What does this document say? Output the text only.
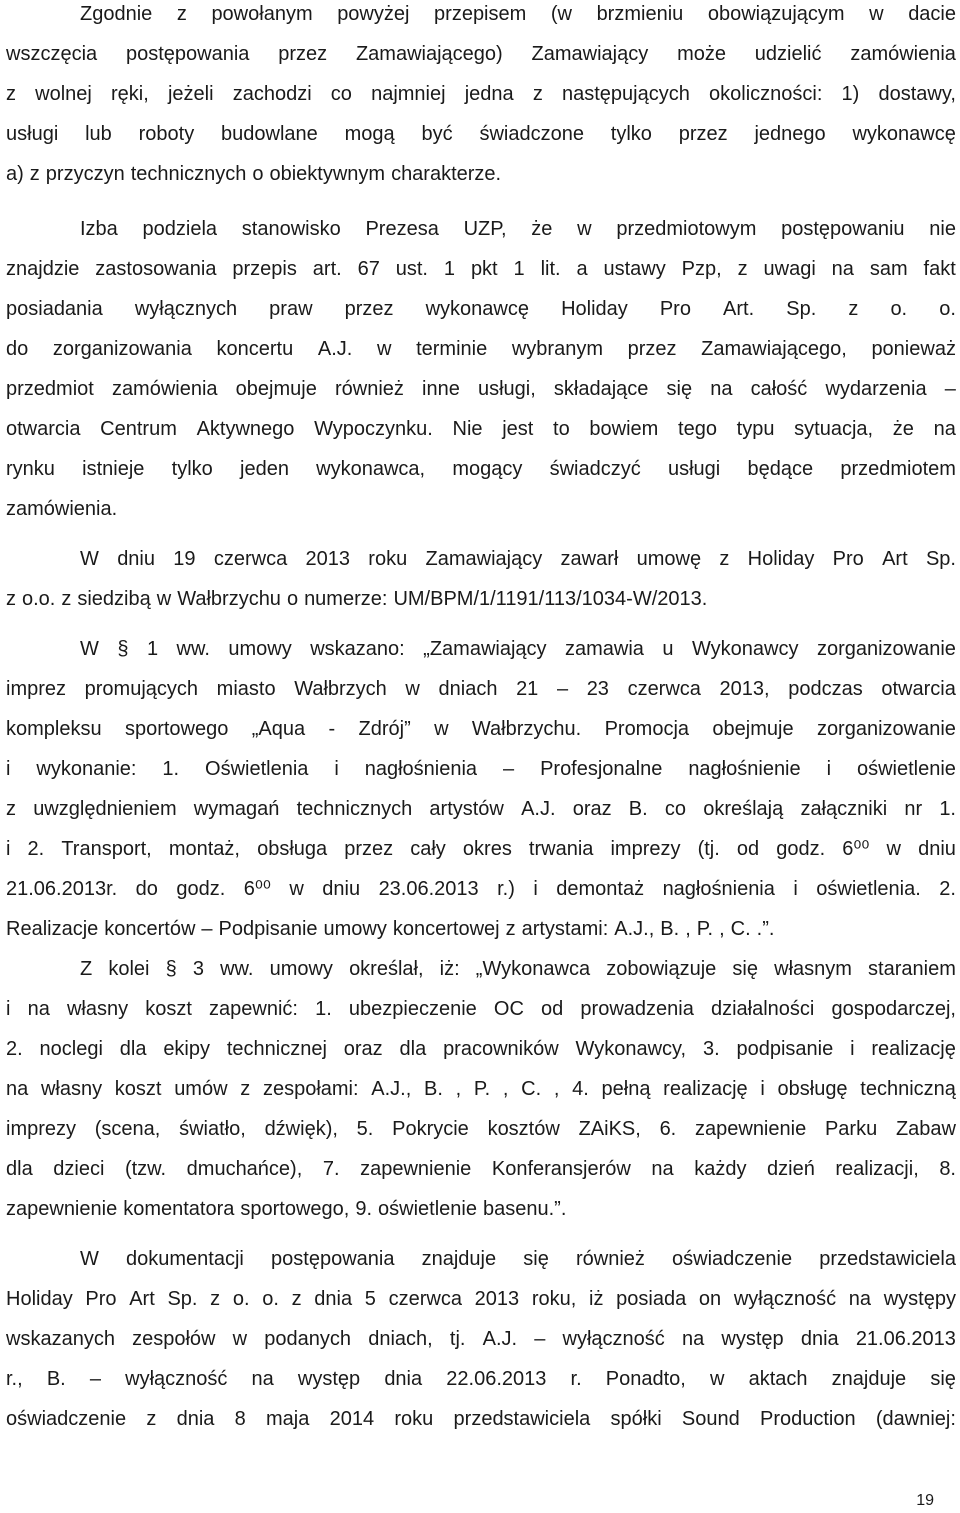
Zgodnie z powołanym powyżej przepisem (w brzmieniu obowiązującym w dacie
wszczęcia postępowania przez Zamawiającego) Zamawiający może udzielić zamówienia
z wolnej ręki, jeżeli zachodzi co najmniej jedna z następujących okoliczności: 1) dostawy,
usługi lub roboty budowlane mogą być świadczone tylko przez jednego wykonawcę
a) z przyczyn technicznych o obiektywnym charakterze.
Izba podziela stanowisko Prezesa UZP, że w przedmiotowym postępowaniu nie
znajdzie zastosowania przepis art. 67 ust. 1 pkt 1 lit. a ustawy Pzp, z uwagi na sam fakt
posiadania wyłącznych praw przez wykonawcę Holiday Pro Art. Sp. z o. o.
do zorganizowania koncertu A.J. w terminie wybranym przez Zamawiającego, ponieważ
przedmiot zamówienia obejmuje również inne usługi, składające się na całość wydarzenia –
otwarcia Centrum Aktywnego Wypoczynku. Nie jest to bowiem tego typu sytuacja, że na
rynku istnieje tylko jeden wykonawca, mogący świadczyć usługi będące przedmiotem
zamówienia.
W dniu 19 czerwca 2013 roku Zamawiający zawarł umowę z Holiday Pro Art Sp.
z o.o. z siedzibą w Wałbrzychu o numerze: UM/BPM/1/1191/113/1034-W/2013.
W § 1 ww. umowy wskazano: „Zamawiający zamawia u Wykonawcy zorganizowanie
imprez promujących miasto Wałbrzych w dniach 21 – 23 czerwca 2013, podczas otwarcia
kompleksu sportowego „Aqua - Zdrój” w Wałbrzychu. Promocja obejmuje zorganizowanie
i wykonanie: 1. Oświetlenia i nagłośnienia – Profesjonalne nagłośnienie i oświetlenie
z uwzględnieniem wymagań technicznych artystów A.J. oraz B. co określają załączniki nr 1.
i 2. Transport, montaż, obsługa przez cały okres trwania imprezy (tj. od godz. 6⁰⁰ w dniu
21.06.2013r. do godz. 6⁰⁰ w dniu 23.06.2013 r.) i demontaż nagłośnienia i oświetlenia. 2.
Realizacje koncertów – Podpisanie umowy koncertowej z artystami: A.J., B. , P. , C. .”.
Z kolei § 3 ww. umowy określał, iż: „Wykonawca zobowiązuje się własnym staraniem
i na własny koszt zapewnić: 1. ubezpieczenie OC od prowadzenia działalności gospodarczej,
2. noclegi dla ekipy technicznej oraz dla pracowników Wykonawcy, 3. podpisanie i realizację
na własny koszt umów z zespołami: A.J., B. , P. , C. , 4. pełną realizację i obsługę techniczną
imprezy (scena, światło, dźwięk), 5. Pokrycie kosztów ZAiKS, 6. zapewnienie Parku Zabaw
dla dzieci (tzw. dmuchańce), 7. zapewnienie Konferansjerów na każdy dzień realizacji, 8.
zapewnienie komentatora sportowego, 9. oświetlenie basenu.”.
W dokumentacji postępowania znajduje się również oświadczenie przedstawiciela
Holiday Pro Art Sp. z o. o. z dnia 5 czerwca 2013 roku, iż posiada on wyłączność na występy
wskazanych zespołów w podanych dniach, tj. A.J. – wyłączność na występ dnia 21.06.2013
r., B. – wyłączność na występ dnia 22.06.2013 r. Ponadto, w aktach znajduje się
oświadczenie z dnia 8 maja 2014 roku przedstawiciela spółki Sound Production (dawniej:
19
